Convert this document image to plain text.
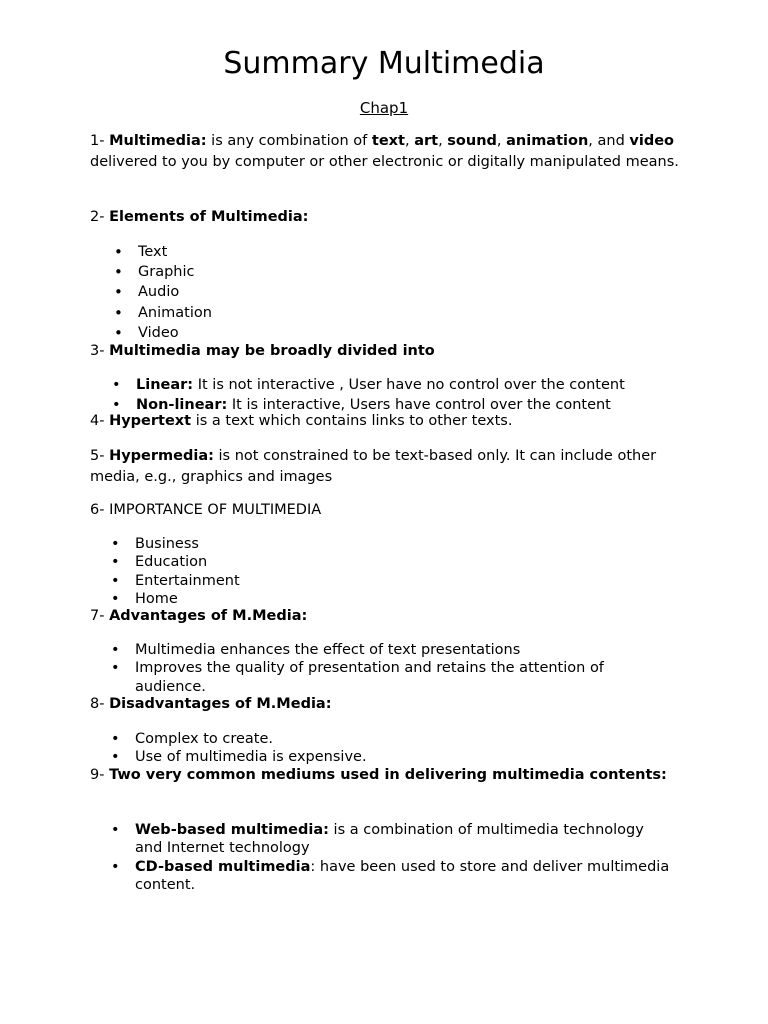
Summary Multimedia
Chap1

1- Multimedia: is any combination of text, art, sound, animation, and video delivered to you by computer or other electronic or digitally manipulated means.

2- Elements of Multimedia:

• Text
• Graphic
• Audio
• Animation
• Video

3- Multimedia may be broadly divided into

• Linear: It is not interactive , User have no control over the content
• Non-linear: It is interactive, Users have control over the content

4- Hypertext is a text which contains links to other texts.

5- Hypermedia: is not constrained to be text-based only. It can include other media, e.g., graphics and images

6- IMPORTANCE OF MULTIMEDIA

• Business
• Education
• Entertainment
• Home

7- Advantages of M.Media:

• Multimedia enhances the effect of text presentations
• Improves the quality of presentation and retains the attention of audience.

8- Disadvantages of M.Media:

• Complex to create.
• Use of multimedia is expensive.

9- Two very common mediums used in delivering multimedia contents:

• Web-based multimedia: is a combination of multimedia technology and Internet technology
• CD-based multimedia: have been used to store and deliver multimedia content.
